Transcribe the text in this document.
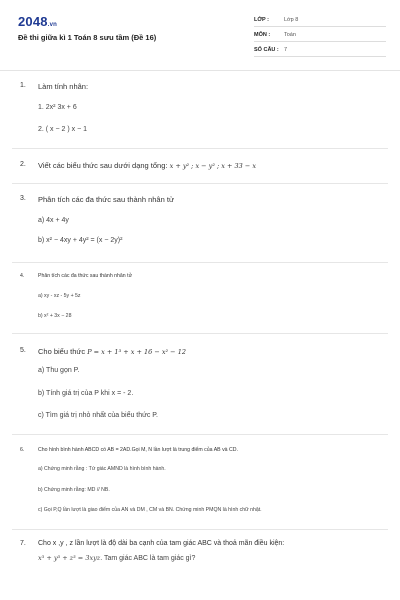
2048.vn
Đề thi giữa kì 1 Toán 8 sưu tầm (Đề 16)
LỚP :	Lớp 8
MÔN :	Toán
SỐ CÂU : 7
1. Làm tính nhân:
1. 2x² 3x + 6
2. ( x − 2 ) x − 1
2. Viết các biểu thức sau dưới dạng tổng: x + y² ; x − y² ; x + 33 − x
3. Phân tích các đa thức sau thành nhân tử
a) 4x + 4y
b) x² − 4xy + 4y² = (x − 2y)²
4.	Phân tích các đa thức sau thành nhân tử
a) xy - xz - 5y + 5z
b) x² + 3x − 28
5. Cho biểu thức P = x + 1³ + x + 16 − x² − 12
a) Thu gọn P.
b) Tính giá trị của P khi x = - 2.
c) Tìm giá trị nhỏ nhất của biểu thức P.
6.	Cho hình bình hành ABCD có AB = 2AD.Gọi M, N lần lượt là trung điểm của AB và CD.
a) Chứng minh rằng : Tứ giác AMND là hình bình hành.
b) Chứng minh rằng: MD // NB.
c) Gọi P,Q lần lượt là giao điểm của AN và DM , CM và BN. Chứng minh PMQN là hình chữ nhật.
7. Cho x ,y , z lần lượt là độ dài ba cạnh của tam giác ABC và thoả mãn điều kiện:
x³ + y³ + z³ = 3xyz. Tam giác ABC là tam giác gì?
